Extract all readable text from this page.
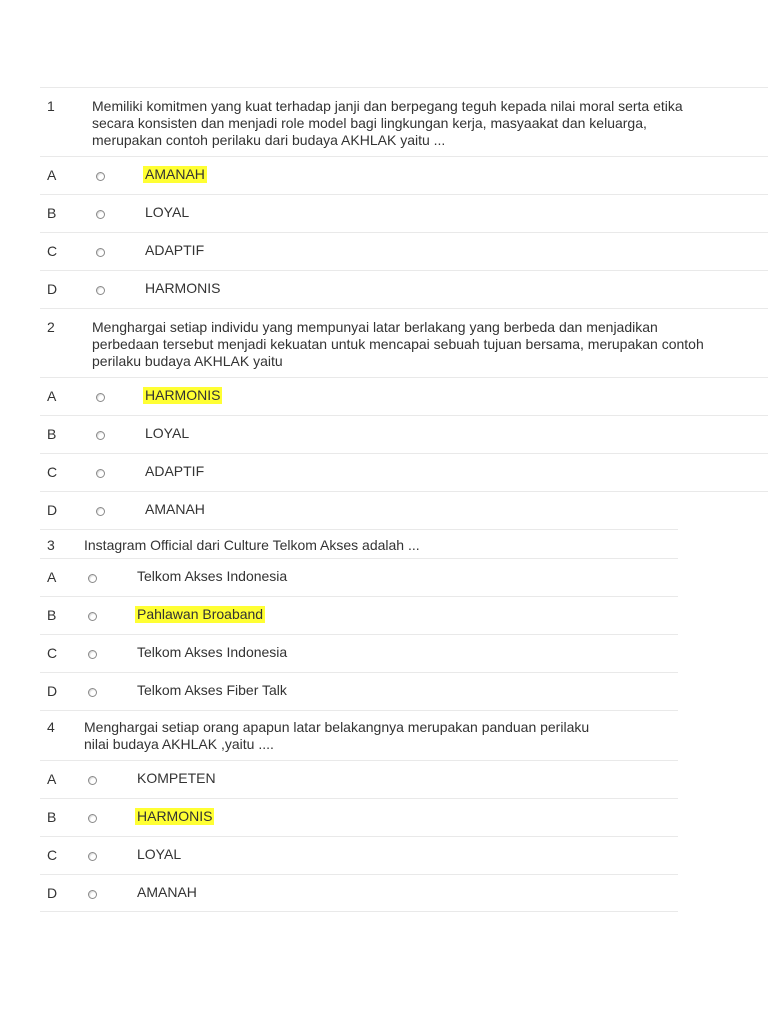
1	Memiliki komitmen yang kuat terhadap janji dan berpegang teguh kepada nilai moral serta etika
secara konsisten dan menjadi role model bagi lingkungan kerja, masyaakat dan keluarga,
merupakan contoh perilaku dari budaya AKHLAK yaitu ...
A	AMANAH
B	LOYAL
C	ADAPTIF
D	HARMONIS
2	Menghargai setiap individu yang mempunyai latar berlakang yang berbeda dan menjadikan
perbedaan tersebut menjadi kekuatan untuk mencapai sebuah tujuan bersama, merupakan contoh
perilaku budaya AKHLAK yaitu
A	HARMONIS
B	LOYAL
C	ADAPTIF
D	AMANAH
3 Instagram Official dari Culture Telkom Akses adalah ...
A	Telkom Akses Indonesia
B	Pahlawan Broaband
C	Telkom Akses Indonesia
D	Telkom Akses Fiber Talk
4 Menghargai setiap orang apapun latar belakangnya merupakan panduan perilaku
nilai budaya AKHLAK ,yaitu ....
A	KOMPETEN
B	HARMONIS
C	LOYAL
D	AMANAH
